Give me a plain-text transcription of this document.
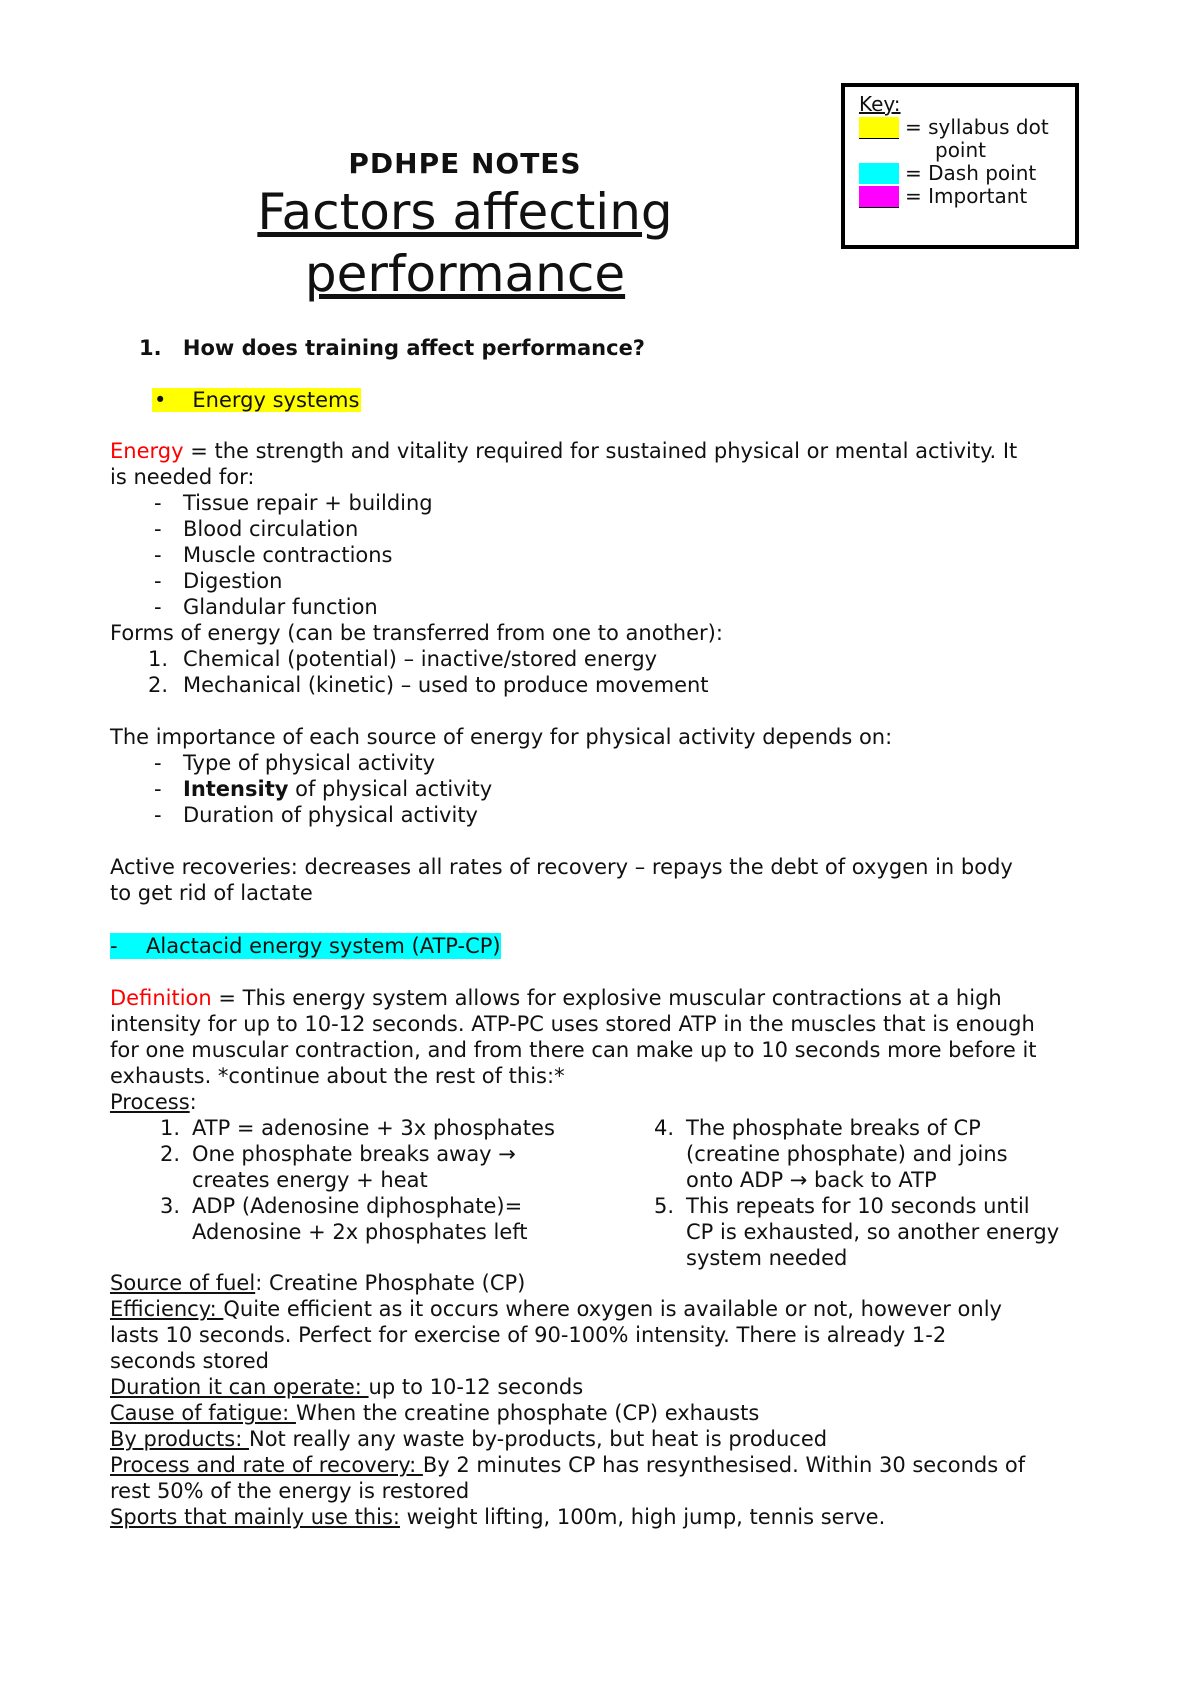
Key:
= syllabus dot
point
= Dash point
= Important
PDHPE NOTES
Factors affecting
performance
1. How does training affect performance?
• Energy systems
Energy = the strength and vitality required for sustained physical or mental activity. It
is needed for:
-	Tissue repair + building
-	Blood circulation
-	Muscle contractions
-	Digestion
-	Glandular function
Forms of energy (can be transferred from one to another):
1. Chemical (potential) – inactive/stored energy
2. Mechanical (kinetic) – used to produce movement
The importance of each source of energy for physical activity depends on:
-	Type of physical activity
-	Intensity of physical activity
-	Duration of physical activity
Active recoveries: decreases all rates of recovery – repays the debt of oxygen in body
to get rid of lactate
-	Alactacid energy system (ATP-CP)
Definition = This energy system allows for explosive muscular contractions at a high
intensity for up to 10-12 seconds. ATP-PC uses stored ATP in the muscles that is enough
for one muscular contraction, and from there can make up to 10 seconds more before it
exhausts. *continue about the rest of this:*
Process:
1. ATP = adenosine + 3x phosphates
2. One phosphate breaks away →
creates energy + heat
3. ADP (Adenosine diphosphate)=
Adenosine + 2x phosphates left
4. The phosphate breaks of CP
(creatine phosphate) and joins
onto ADP → back to ATP
5. This repeats for 10 seconds until
CP is exhausted, so another energy
system needed
Source of fuel: Creatine Phosphate (CP)
Efficiency: Quite efficient as it occurs where oxygen is available or not, however only
lasts 10 seconds. Perfect for exercise of 90-100% intensity. There is already 1-2
seconds stored
Duration it can operate: up to 10-12 seconds
Cause of fatigue: When the creatine phosphate (CP) exhausts
By products: Not really any waste by-products, but heat is produced
Process and rate of recovery: By 2 minutes CP has resynthesised. Within 30 seconds of
rest 50% of the energy is restored
Sports that mainly use this: weight lifting, 100m, high jump, tennis serve.
